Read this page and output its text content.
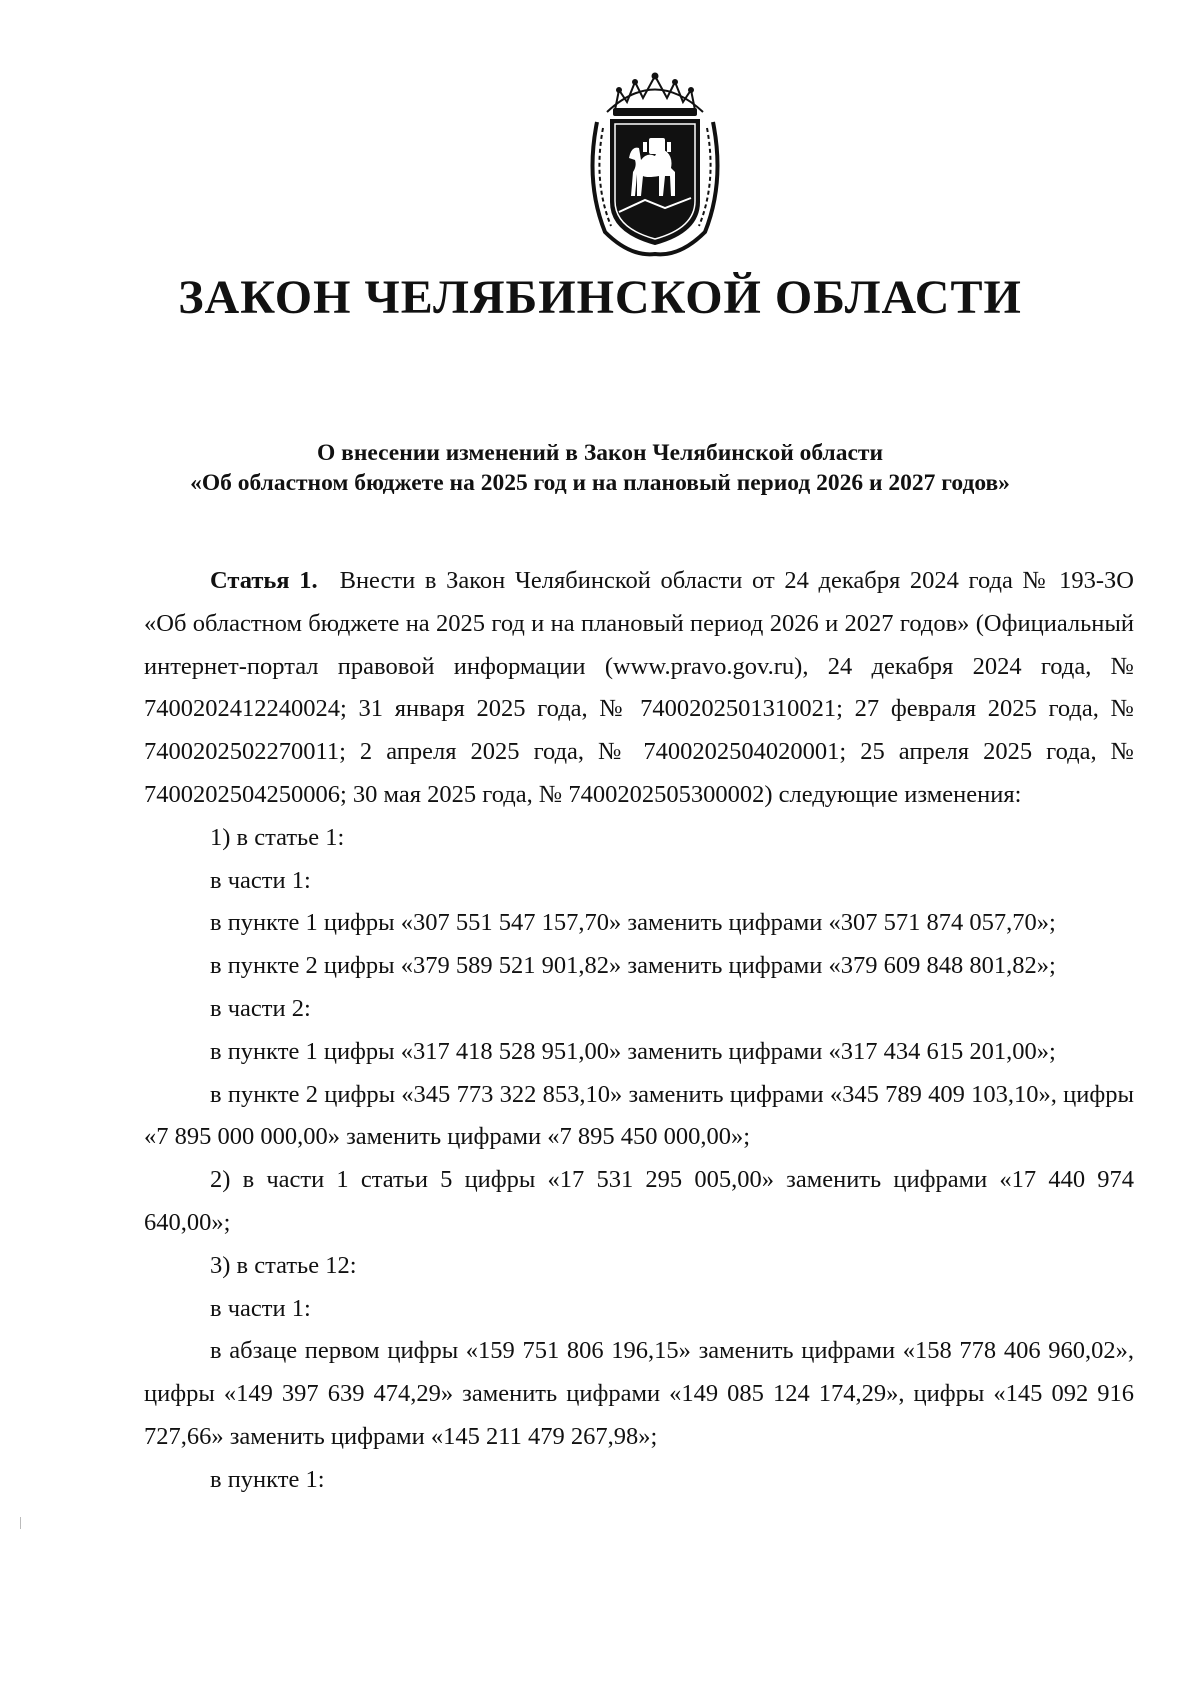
ЗАКОН ЧЕЛЯБИНСКОЙ ОБЛАСТИ
О внесении изменений в Закон Челябинской области
«Об областном бюджете на 2025 год и на плановый период 2026 и 2027 годов»

Статья 1. Внести в Закон Челябинской области от 24 декабря 2024 года № 193-ЗО «Об областном бюджете на 2025 год и на плановый период 2026 и 2027 годов» (Официальный интернет-портал правовой информации (www.pravo.gov.ru), 24 декабря 2024 года, № 7400202412240024; 31 января 2025 года, № 7400202501310021; 27 февраля 2025 года, № 7400202502270011; 2 апреля 2025 года, № 7400202504020001; 25 апреля 2025 года, № 7400202504250006; 30 мая 2025 года, № 7400202505300002) следующие изменения:

1) в статье 1:

в части 1:

в пункте 1 цифры «307 551 547 157,70» заменить цифрами «307 571 874 057,70»;

в пункте 2 цифры «379 589 521 901,82» заменить цифрами «379 609 848 801,82»;

в части 2:

в пункте 1 цифры «317 418 528 951,00» заменить цифрами «317 434 615 201,00»;

в пункте 2 цифры «345 773 322 853,10» заменить цифрами «345 789 409 103,10», цифры «7 895 000 000,00» заменить цифрами «7 895 450 000,00»;

2) в части 1 статьи 5 цифры «17 531 295 005,00» заменить цифрами «17 440 974 640,00»;

3) в статье 12:

в части 1:

в абзаце первом цифры «159 751 806 196,15» заменить цифрами «158 778 406 960,02», цифры «149 397 639 474,29» заменить цифрами «149 085 124 174,29», цифры «145 092 916 727,66» заменить цифрами «145 211 479 267,98»;

в пункте 1:
